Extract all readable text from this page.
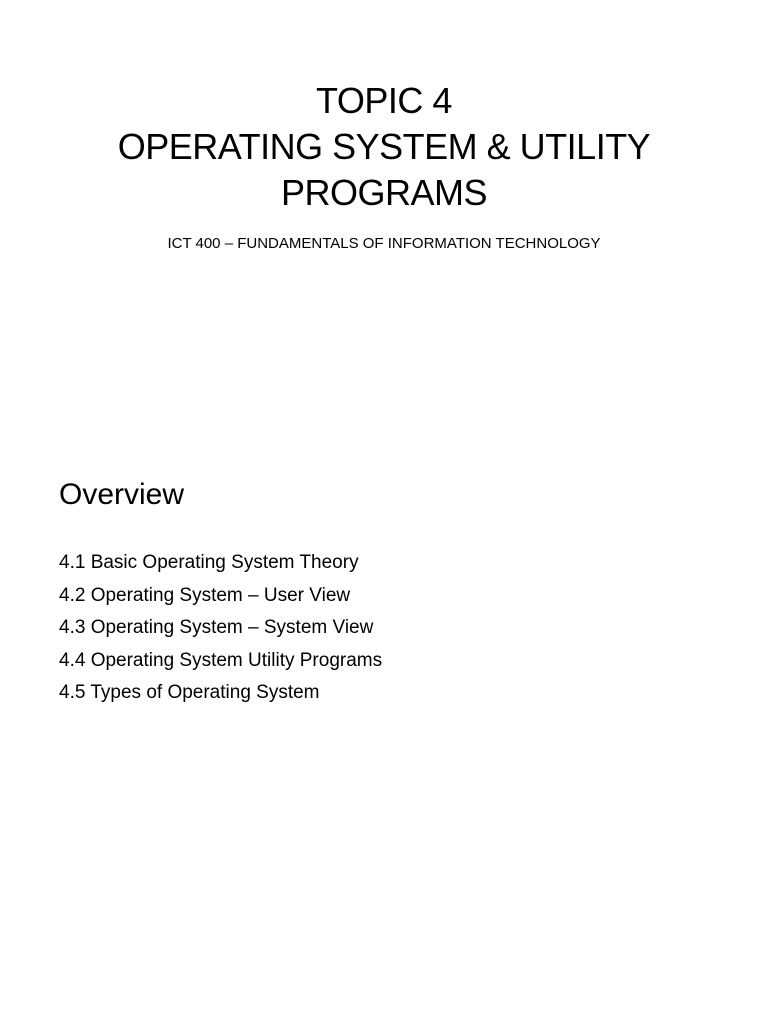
TOPIC 4
OPERATING SYSTEM & UTILITY
PROGRAMS
ICT 400 – FUNDAMENTALS OF INFORMATION TECHNOLOGY
Overview
4.1 Basic Operating System Theory
4.2 Operating System – User View
4.3 Operating System – System View
4.4 Operating System Utility Programs
4.5 Types of Operating System
